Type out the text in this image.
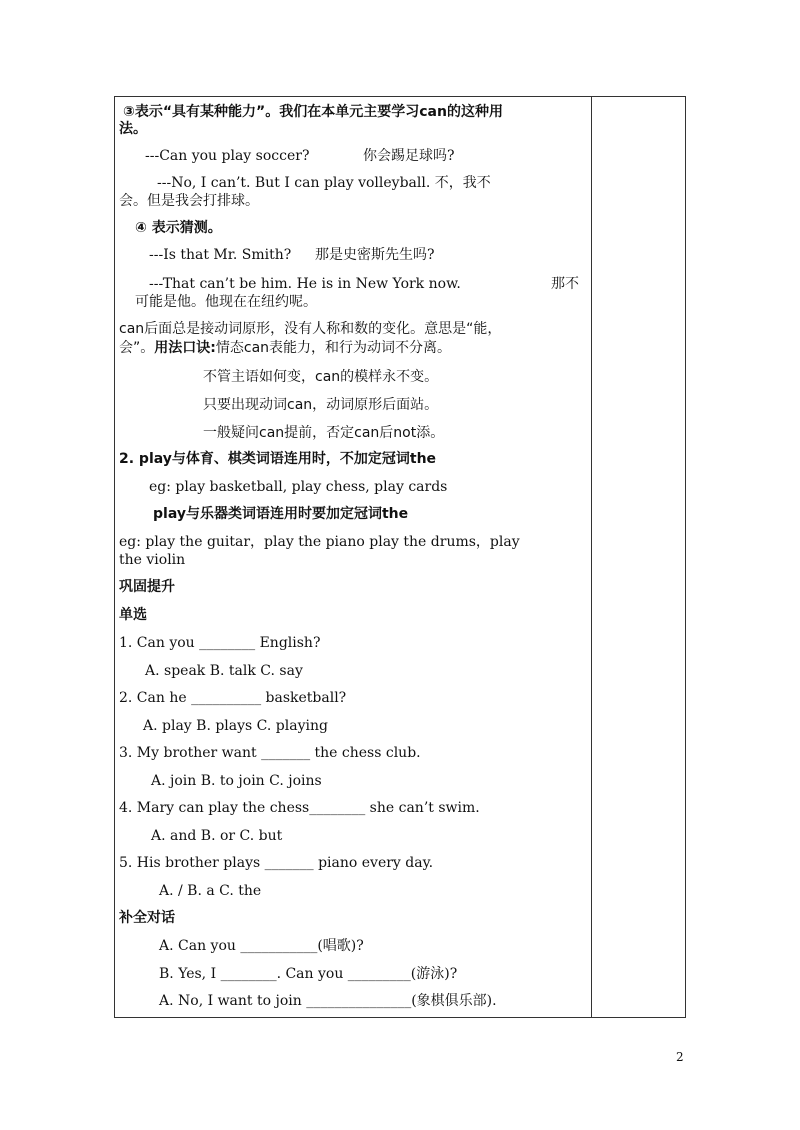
③表示“具有某种能力”。我们在本单元主要学习can的这种用
法。
---Can you play soccer?	你会踢足球吗?
---No, I can’t. But I can play volleyball. 不，我不
会。但是我会打排球。
④ 表示猜测。
---Is that Mr. Smith? 那是史密斯先生吗?
---That can’t be him. He is in New York now.	那不
可能是他。他现在在纽约呢。
can后面总是接动词原形，没有人称和数的变化。意思是“能，
会”。用法口诀:情态can表能力，和行为动词不分离。
不管主语如何变，can的模样永不变。
只要出现动词can，动词原形后面站。
一般疑问can提前，否定can后not添。
2. play与体育、棋类词语连用时，不加定冠词the
eg: play basketball, play chess, play cards
play与乐器类词语连用时要加定冠词the
eg: play the guitar，play the piano play the drums，play
the violin
巩固提升
单选
1. Can you ________ English?
A. speak B. talk C. say
2. Can he __________ basketball?
A. play B. plays C. playing
3. My brother want _______ the chess club.
A. join B. to join C. joins
4. Mary can play the chess________ she can’t swim.
A. and B. or C. but
5. His brother plays _______ piano every day.
A. / B. a C. the
补全对话
A. Can you ___________(唱歌)?
B. Yes, I ________. Can you _________(游泳)?
A. No, I want to join _______________(象棋俱乐部).
2
